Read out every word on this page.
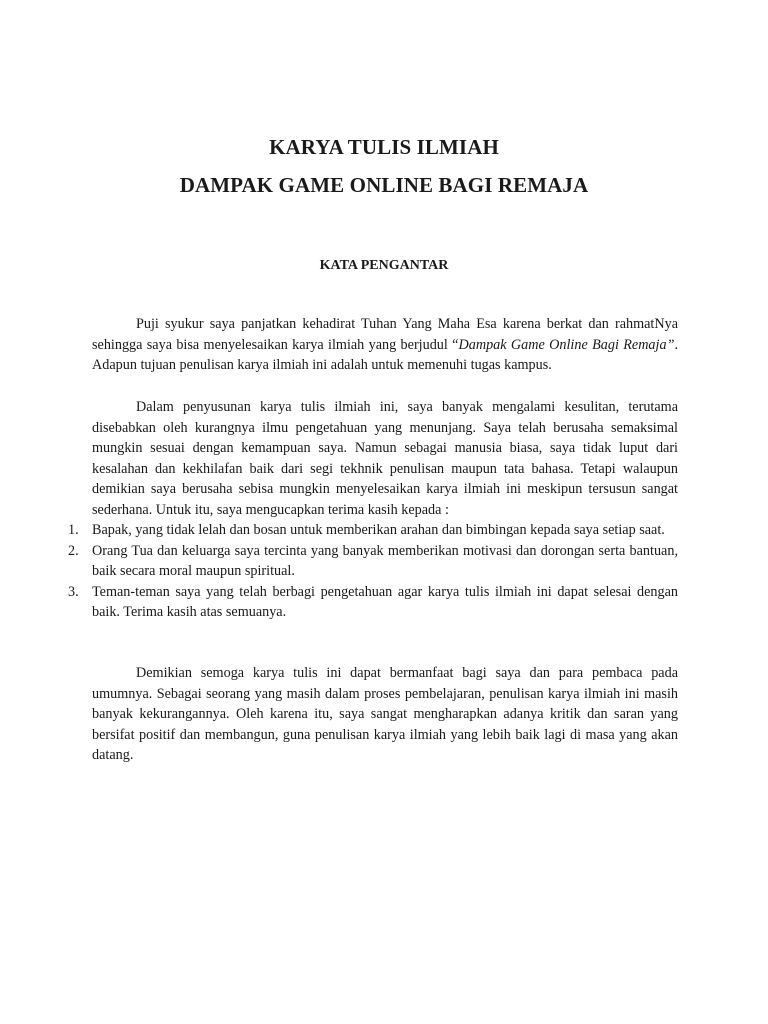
KARYA TULIS ILMIAH
DAMPAK GAME ONLINE BAGI REMAJA
KATA PENGANTAR

Puji syukur saya panjatkan kehadirat Tuhan Yang Maha Esa karena berkat dan rahmatNya sehingga saya bisa menyelesaikan karya ilmiah yang berjudul “Dampak Game Online Bagi Remaja”. Adapun tujuan penulisan karya ilmiah ini adalah untuk memenuhi tugas kampus.

Dalam penyusunan karya tulis ilmiah ini, saya banyak mengalami kesulitan, terutama disebabkan oleh kurangnya ilmu pengetahuan yang menunjang. Saya telah berusaha semaksimal mungkin sesuai dengan kemampuan saya. Namun sebagai manusia biasa, saya tidak luput dari kesalahan dan kekhilafan baik dari segi tekhnik penulisan maupun tata bahasa. Tetapi walaupun demikian saya berusaha sebisa mungkin menyelesaikan karya ilmiah ini meskipun tersusun sangat sederhana. Untuk itu, saya mengucapkan terima kasih kepada :

1. Bapak, yang tidak lelah dan bosan untuk memberikan arahan dan bimbingan kepada saya setiap saat.
2. Orang Tua dan keluarga saya tercinta yang banyak memberikan motivasi dan dorongan serta bantuan, baik secara moral maupun spiritual.
3. Teman-teman saya yang telah berbagi pengetahuan agar karya tulis ilmiah ini dapat selesai dengan baik. Terima kasih atas semuanya.

Demikian semoga karya tulis ini dapat bermanfaat bagi saya dan para pembaca pada umumnya. Sebagai seorang yang masih dalam proses pembelajaran, penulisan karya ilmiah ini masih banyak kekurangannya. Oleh karena itu, saya sangat mengharapkan adanya kritik dan saran yang bersifat positif dan membangun, guna penulisan karya ilmiah yang lebih baik lagi di masa yang akan datang.
